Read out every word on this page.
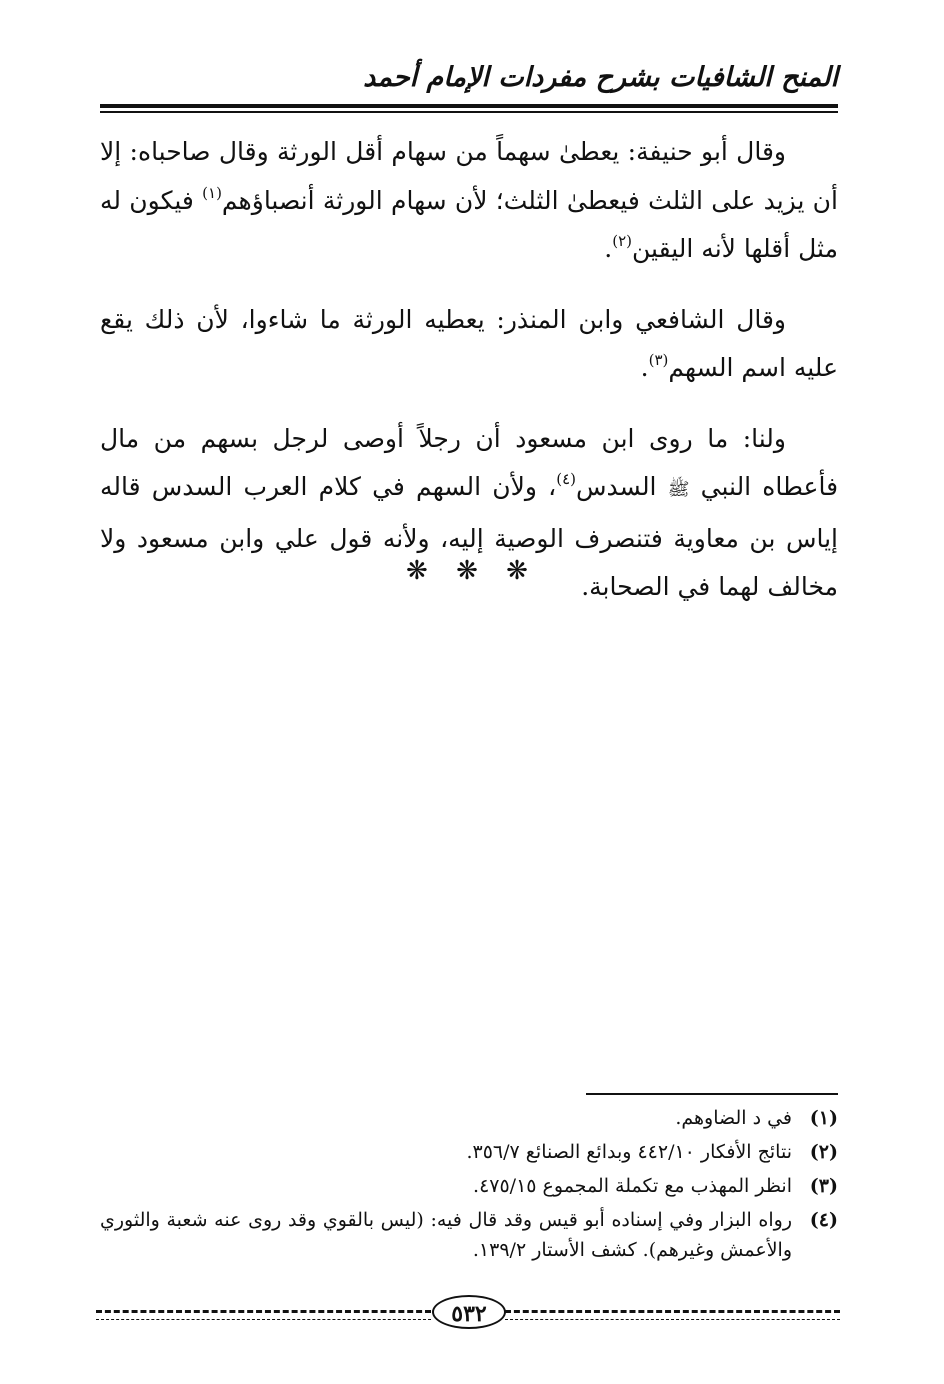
المنح الشافيات بشرح مفردات الإمام أحمد

وقال أبو حنيفة: يعطىٰ سهماً من سهام أقل الورثة وقال صاحباه: إلا أن يزيد على الثلث فيعطىٰ الثلث؛ لأن سهام الورثة أنصباؤهم$^{(١)}$ فيكون له مثل أقلها لأنه اليقين$^{(٢)}$.

وقال الشافعي وابن المنذر: يعطيه الورثة ما شاءوا، لأن ذلك يقع عليه اسم السهم$^{(٣)}$.

ولنا: ما روى ابن مسعود أن رجلاً أوصى لرجل بسهم من مال فأعطاه النبي ﷺ السدس$^{(٤)}$، ولأن السهم في كلام العرب السدس قاله إياس بن معاوية فتنصرف الوصية إليه، ولأنه قول علي وابن مسعود ولا مخالف لهما في الصحابة.

❋ ❋ ❋
(١)
في د الضاوهم.
(٢)
نتائج الأفكار ٤٤٢/١٠ وبدائع الصنائع ٣٥٦/٧.
(٣)
انظر المهذب مع تكملة المجموع ٤٧٥/١٥.
(٤)
رواه البزار وفي إسناده أبو قيس وقد قال فيه: (ليس بالقوي وقد روى عنه شعبة والثوري والأعمش وغيرهم). كشف الأستار ١٣٩/٢.
٥٣٢
